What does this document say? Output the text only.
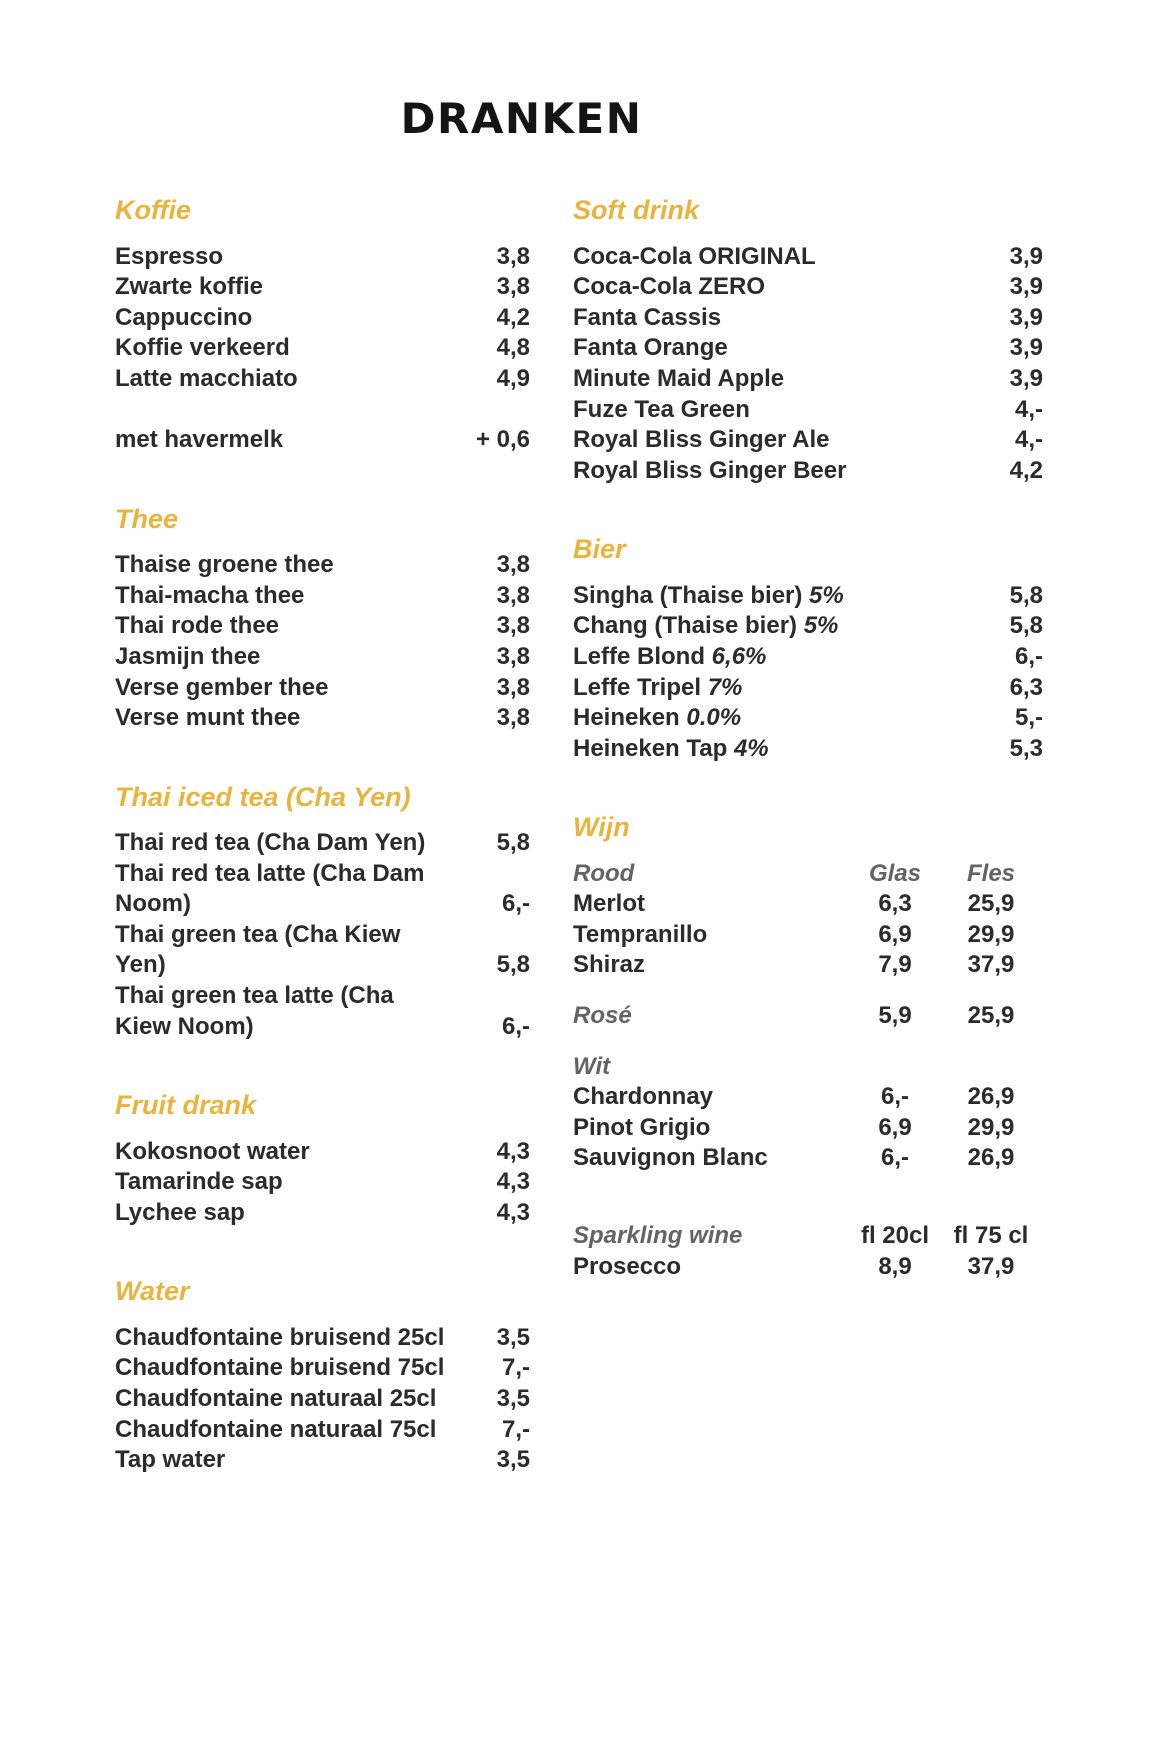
DRANKEN
Koffie
Espresso	3,8
Zwarte koffie	3,8
Cappuccino	4,2
Koffie verkeerd	4,8
Latte macchiato	4,9
met havermelk	+ 0,6
Thee
Thaise groene thee	3,8
Thai-macha thee	3,8
Thai rode thee	3,8
Jasmijn thee	3,8
Verse gember thee	3,8
Verse munt thee	3,8
Thai iced tea (Cha Yen)
Thai red tea (Cha Dam Yen)	5,8
Thai red tea latte (Cha Dam Noom)	6,-
Thai green tea (Cha Kiew Yen)	5,8
Thai green tea latte (Cha Kiew Noom)	6,-
Fruit drank
Kokosnoot water	4,3
Tamarinde sap	4,3
Lychee sap	4,3
Water
Chaudfontaine bruisend 25cl	3,5
Chaudfontaine bruisend 75cl	7,-
Chaudfontaine naturaal 25cl	3,5
Chaudfontaine naturaal 75cl	7,-
Tap water	3,5
Soft drink
Coca-Cola ORIGINAL	3,9
Coca-Cola ZERO	3,9
Fanta Cassis	3,9
Fanta Orange	3,9
Minute Maid Apple	3,9
Fuze Tea Green	4,-
Royal Bliss Ginger Ale	4,-
Royal Bliss Ginger Beer	4,2
Bier
Singha (Thaise bier) 5%	5,8
Chang (Thaise bier) 5%	5,8
Leffe Blond 6,6%	6,-
Leffe Tripel 7%	6,3
Heineken 0.0%	5,-
Heineken Tap 4%	5,3
Wijn
Rood	Glas	Fles
Merlot	6,3	25,9
Tempranillo	6,9	29,9
Shiraz	7,9	37,9
Rosé	5,9	25,9
Wit
Chardonnay	6,-	26,9
Pinot Grigio	6,9	29,9
Sauvignon Blanc	6,-	26,9
Sparkling wine	fl 20cl	fl 75 cl
Prosecco	8,9	37,9
